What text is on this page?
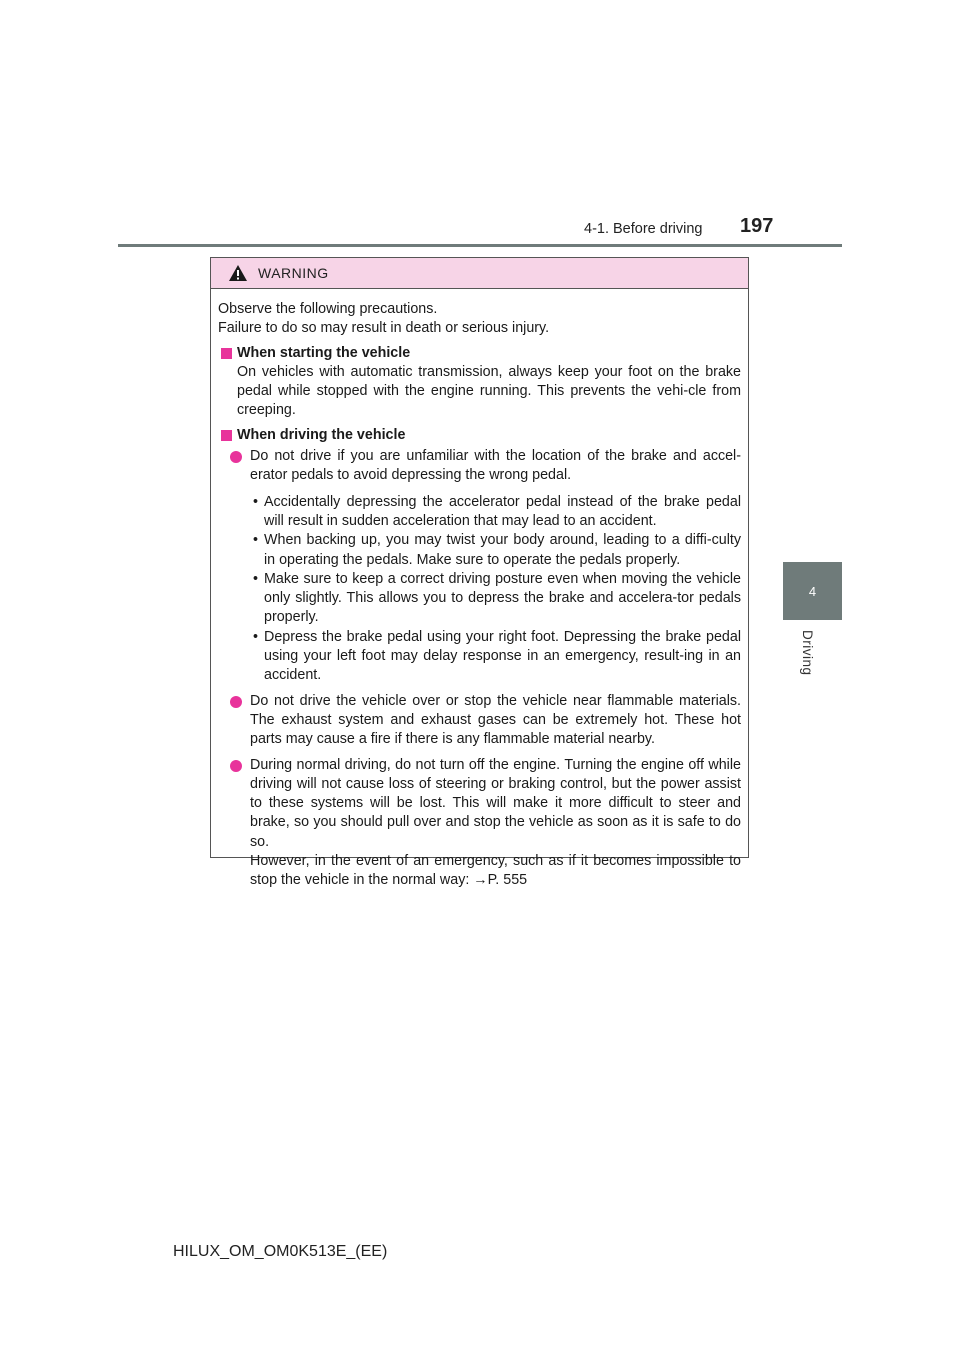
4-1. Before driving 197
4
Driving
WARNING

Observe the following precautions.

Failure to do so may result in death or serious injury.

When starting the vehicle

On vehicles with automatic transmission, always keep your foot on the brake pedal while stopped with the engine running. This prevents the vehi-cle from creeping.

When driving the vehicle

Do not drive if you are unfamiliar with the location of the brake and accel-erator pedals to avoid depressing the wrong pedal.

• Accidentally depressing the accelerator pedal instead of the brake pedal will result in sudden acceleration that may lead to an accident.
• When backing up, you may twist your body around, leading to a diffi-culty in operating the pedals. Make sure to operate the pedals properly.
• Make sure to keep a correct driving posture even when moving the vehicle only slightly. This allows you to depress the brake and accelera-tor pedals properly.
• Depress the brake pedal using your right foot. Depressing the brake pedal using your left foot may delay response in an emergency, result-ing in an accident.

Do not drive the vehicle over or stop the vehicle near flammable materials. The exhaust system and exhaust gases can be extremely hot. These hot parts may cause a fire if there is any flammable material nearby.

During normal driving, do not turn off the engine. Turning the engine off while driving will not cause loss of steering or braking control, but the power assist to these systems will be lost. This will make it more difficult to steer and brake, so you should pull over and stop the vehicle as soon as it is safe to do so.

However, in the event of an emergency, such as if it becomes impossible to stop the vehicle in the normal way: →P. 555

HILUX_OM_OM0K513E_(EE)
